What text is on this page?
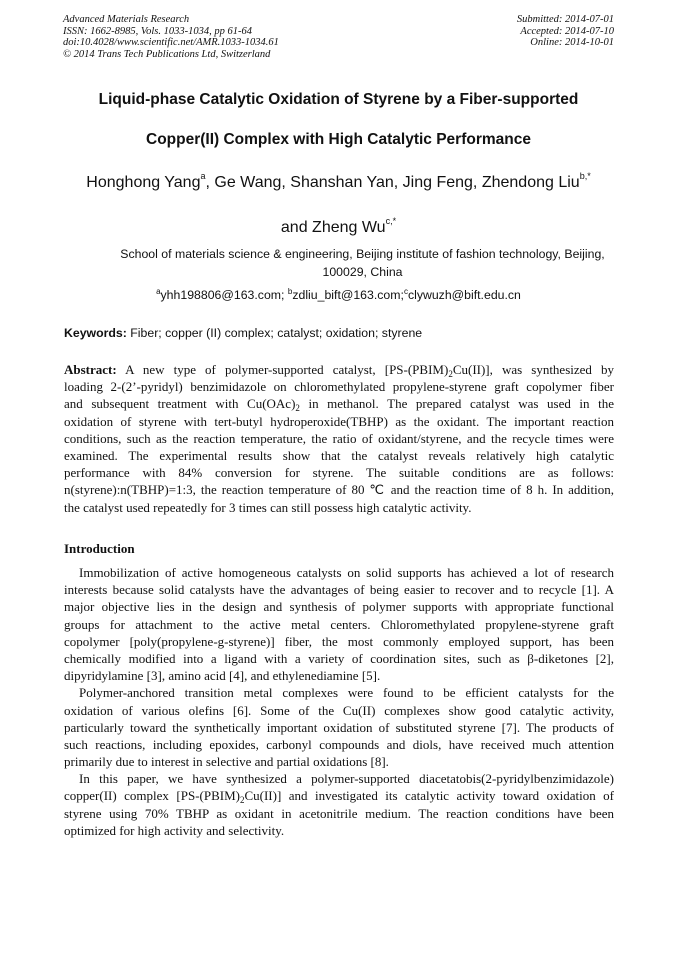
Advanced Materials Research
ISSN: 1662-8985, Vols. 1033-1034, pp 61-64
doi:10.4028/www.scientific.net/AMR.1033-1034.61
© 2014 Trans Tech Publications Ltd, Switzerland
Submitted: 2014-07-01
Accepted: 2014-07-10
Online: 2014-10-01
Liquid-phase Catalytic Oxidation of Styrene by a Fiber-supported
Copper(II) Complex with High Catalytic Performance
Honghong Yang$^a$, Ge Wang, Shanshan Yan, Jing Feng, Zhendong Liu$^{b,*}$
and Zheng $Wu^{c,*}$
School of materials science & engineering, Beijing institute of fashion technology, Beijing,
100029, China
$^a$yhh198806@163.com; $^b$zdliu_bift@163.com;$^c$clywuzh@bift.edu.cn
Keywords: Fiber; copper (II) complex; catalyst; oxidation; styrene
Abstract: A new type of polymer-supported catalyst, $[PS-(PBIM)_2Cu(II)]$, was synthesized by
loading 2-(2’-pyridyl) benzimidazole on chloromethylated propylene-styrene graft copolymer fiber
and subsequent treatment with $Cu(OAc)_2$ in methanol. The prepared catalyst was used in the
oxidation of styrene with tert-butyl hydroperoxide(TBHP) as the oxidant. The important reaction
conditions, such as the reaction temperature, the ratio of oxidant/styrene, and the recycle times were
examined. The experimental results show that the catalyst reveals relatively high catalytic
performance with 84% conversion for styrene. The suitable conditions are as follows:
n(styrene):n(TBHP)=1:3, the reaction temperature of 80 ℃ and the reaction time of 8 h. In addition,
the catalyst used repeatedly for 3 times can still possess high catalytic activity.
Introduction
Immobilization of active homogeneous catalysts on solid supports has achieved a lot of research
interests because solid catalysts have the advantages of being easier to recover and to recycle [1]. A
major objective lies in the design and synthesis of polymer supports with appropriate functional
groups for attachment to the active metal centers. Chloromethylated propylene-styrene graft
copolymer [poly(propylene-g-styrene)] fiber, the most commonly employed support, has been
chemically modified into a ligand with a variety of coordination sites, such as β-diketones [2],
dipyridylamine [3], amino acid [4], and ethylenediamine [5].
Polymer-anchored transition metal complexes were found to be efficient catalysts for the
oxidation of various olefins [6]. Some of the Cu(II) complexes show good catalytic activity,
particularly toward the synthetically important oxidation of substituted styrene [7]. The products of
such reactions, including epoxides, carbonyl compounds and diols, have received much attention
primarily due to interest in selective and partial oxidations [8].
In this paper, we have synthesized a polymer-supported diacetatobis(2-pyridylbenzimidazole)
copper(II) complex $[PS-(PBIM)_2Cu(II)]$ and investigated its catalytic activity toward oxidation of
styrene using 70% TBHP as oxidant in acetonitrile medium. The reaction conditions have been
optimized for high activity and selectivity.
